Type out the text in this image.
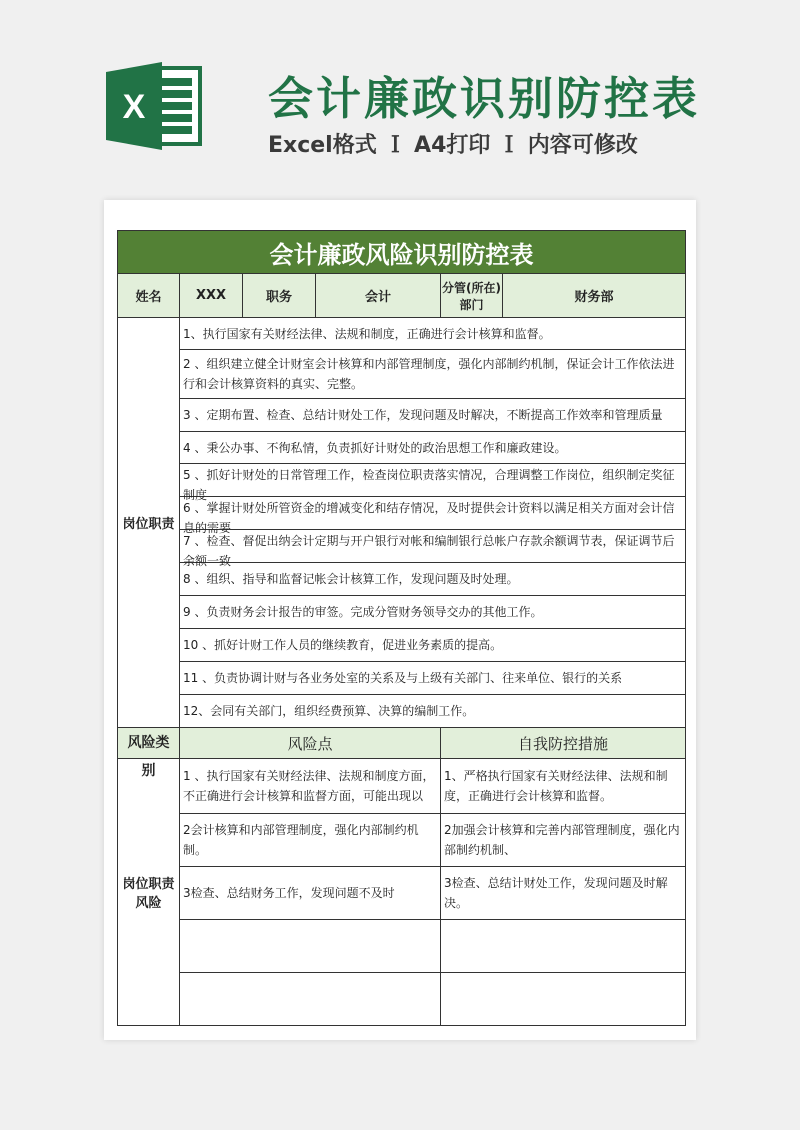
X	会计廉政识别防控表
Excel格式 Ｉ A4打印 Ｉ 内容可修改
会计廉政风险识别防控表					
姓名	XXX	职务	会计	分管(所在)部门	财务部
岗位职责	1、执行国家有关财经法律、法规和制度，正确进行会计核算和监督。				

	2 、组织建立健全计财室会计核算和内部管理制度，强化内部制约机制，保证会计工作依法进行和会计核算资料的真实、完整。				

	3 、定期布置、检查、总结计财处工作，发现问题及时解决，不断提高工作效率和管理质量				

	4 、秉公办事、不徇私情，负责抓好计财处的政治思想工作和廉政建设。				

	5 、抓好计财处的日常管理工作，检查岗位职责落实情况，合理调整工作岗位，组织制定奖征制度				

	6 、掌握计财处所管资金的增减变化和结存情况，及时提供会计资料以满足相关方面对会计信息的需要				

	7 、检查、督促出纳会计定期与开户银行对帐和编制银行总帐户存款余额调节表，保证调节后余额一致				

	8 、组织、指导和监督记帐会计核算工作，发现问题及时处理。				

	9 、负责财务会计报告的审签。完成分管财务领导交办的其他工作。				

	10 、抓好计财工作人员的继续教育，促进业务素质的提高。				

	11 、负责协调计财与各业务处室的关系及与上级有关部门、往来单位、银行的关系				

	12、会同有关部门，组织经费预算、决算的编制工作。				

风险类别	风险点			自我防控措施	

岗位职责风险	1 、执行国家有关财经法律、法规和制度方面，不正确进行会计核算和监督方面，可能出现以			1、严格执行国家有关财经法律、法规和制度，正确进行会计核算和监督。	

	2会计核算和内部管理制度，强化内部制约机制。			2加强会计核算和完善内部管理制度，强化内部制约机制、	

	3检查、总结财务工作，发现问题不及时			3检查、总结计财处工作，发现问题及时解决。	
